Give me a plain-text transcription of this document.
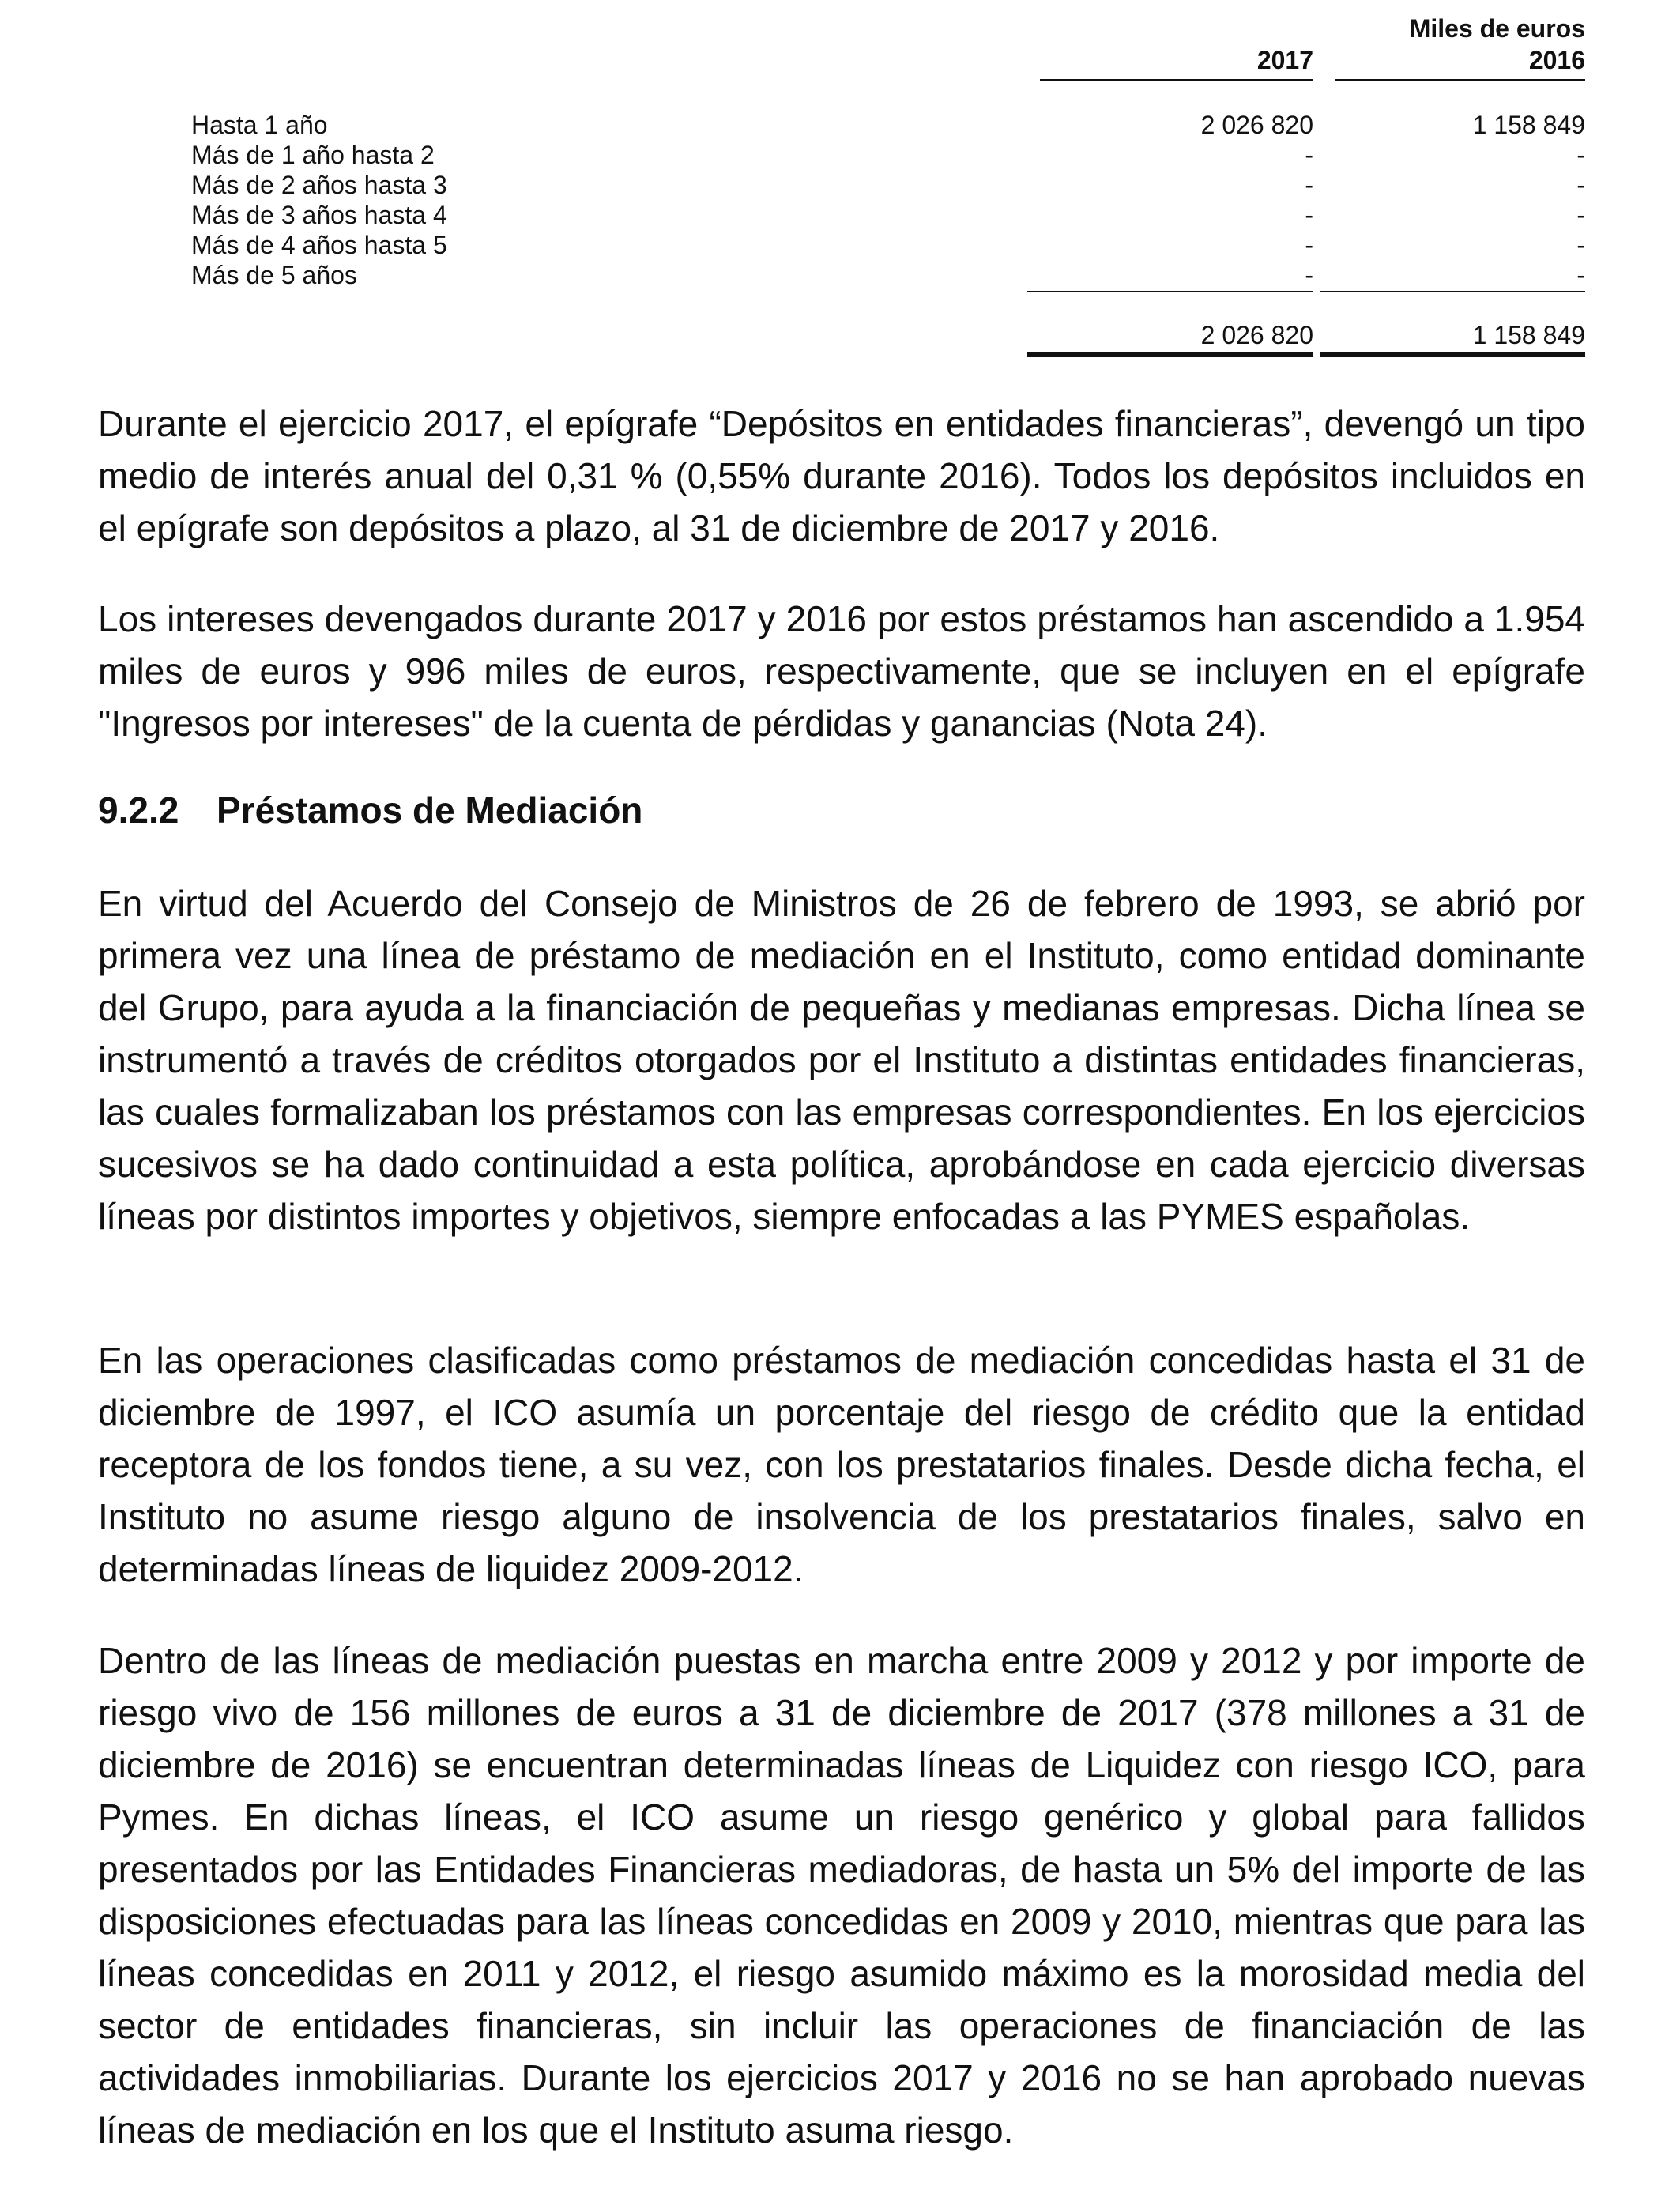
Miles de euros
2017	2016
Hasta 1 año	2 026 820	1 158 849
Más de 1 año hasta 2	-	-
Más de 2 años hasta 3	-	-
Más de 3 años hasta 4	-	-
Más de 4 años hasta 5	-	-
Más de 5 años	-	-
2 026 820	1 158 849

Durante el ejercicio 2017, el epígrafe “Depósitos en entidades financieras”, devengó un tipo medio de interés anual del 0,31 % (0,55% durante 2016). Todos los depósitos incluidos en el epígrafe son depósitos a plazo, al 31 de diciembre de 2017 y 2016.

Los intereses devengados durante 2017 y 2016 por estos préstamos han ascendido a 1.954 miles de euros y 996 miles de euros, respectivamente, que se incluyen en el epígrafe "Ingresos por intereses" de la cuenta de pérdidas y ganancias (Nota 24).

9.2.2 Préstamos de Mediación

En virtud del Acuerdo del Consejo de Ministros de 26 de febrero de 1993, se abrió por primera vez una línea de préstamo de mediación en el Instituto, como entidad dominante del Grupo, para ayuda a la financiación de pequeñas y medianas empresas. Dicha línea se instrumentó a través de créditos otorgados por el Instituto a distintas entidades financieras, las cuales formalizaban los préstamos con las empresas correspondientes. En los ejercicios sucesivos se ha dado continuidad a esta política, aprobándose en cada ejercicio diversas líneas por distintos importes y objetivos, siempre enfocadas a las PYMES españolas.

En las operaciones clasificadas como préstamos de mediación concedidas hasta el 31 de diciembre de 1997, el ICO asumía un porcentaje del riesgo de crédito que la entidad receptora de los fondos tiene, a su vez, con los prestatarios finales. Desde dicha fecha, el Instituto no asume riesgo alguno de insolvencia de los prestatarios finales, salvo en determinadas líneas de liquidez 2009-2012.

Dentro de las líneas de mediación puestas en marcha entre 2009 y 2012 y por importe de riesgo vivo de 156 millones de euros a 31 de diciembre de 2017 (378 millones a 31 de diciembre de 2016) se encuentran determinadas líneas de Liquidez con riesgo ICO, para Pymes. En dichas líneas, el ICO asume un riesgo genérico y global para fallidos presentados por las Entidades Financieras mediadoras, de hasta un 5% del importe de las disposiciones efectuadas para las líneas concedidas en 2009 y 2010, mientras que para las líneas concedidas en 2011 y 2012, el riesgo asumido máximo es la morosidad media del sector de entidades financieras, sin incluir las operaciones de financiación de las actividades inmobiliarias. Durante los ejercicios 2017 y 2016 no se han aprobado nuevas líneas de mediación en los que el Instituto asuma riesgo.
